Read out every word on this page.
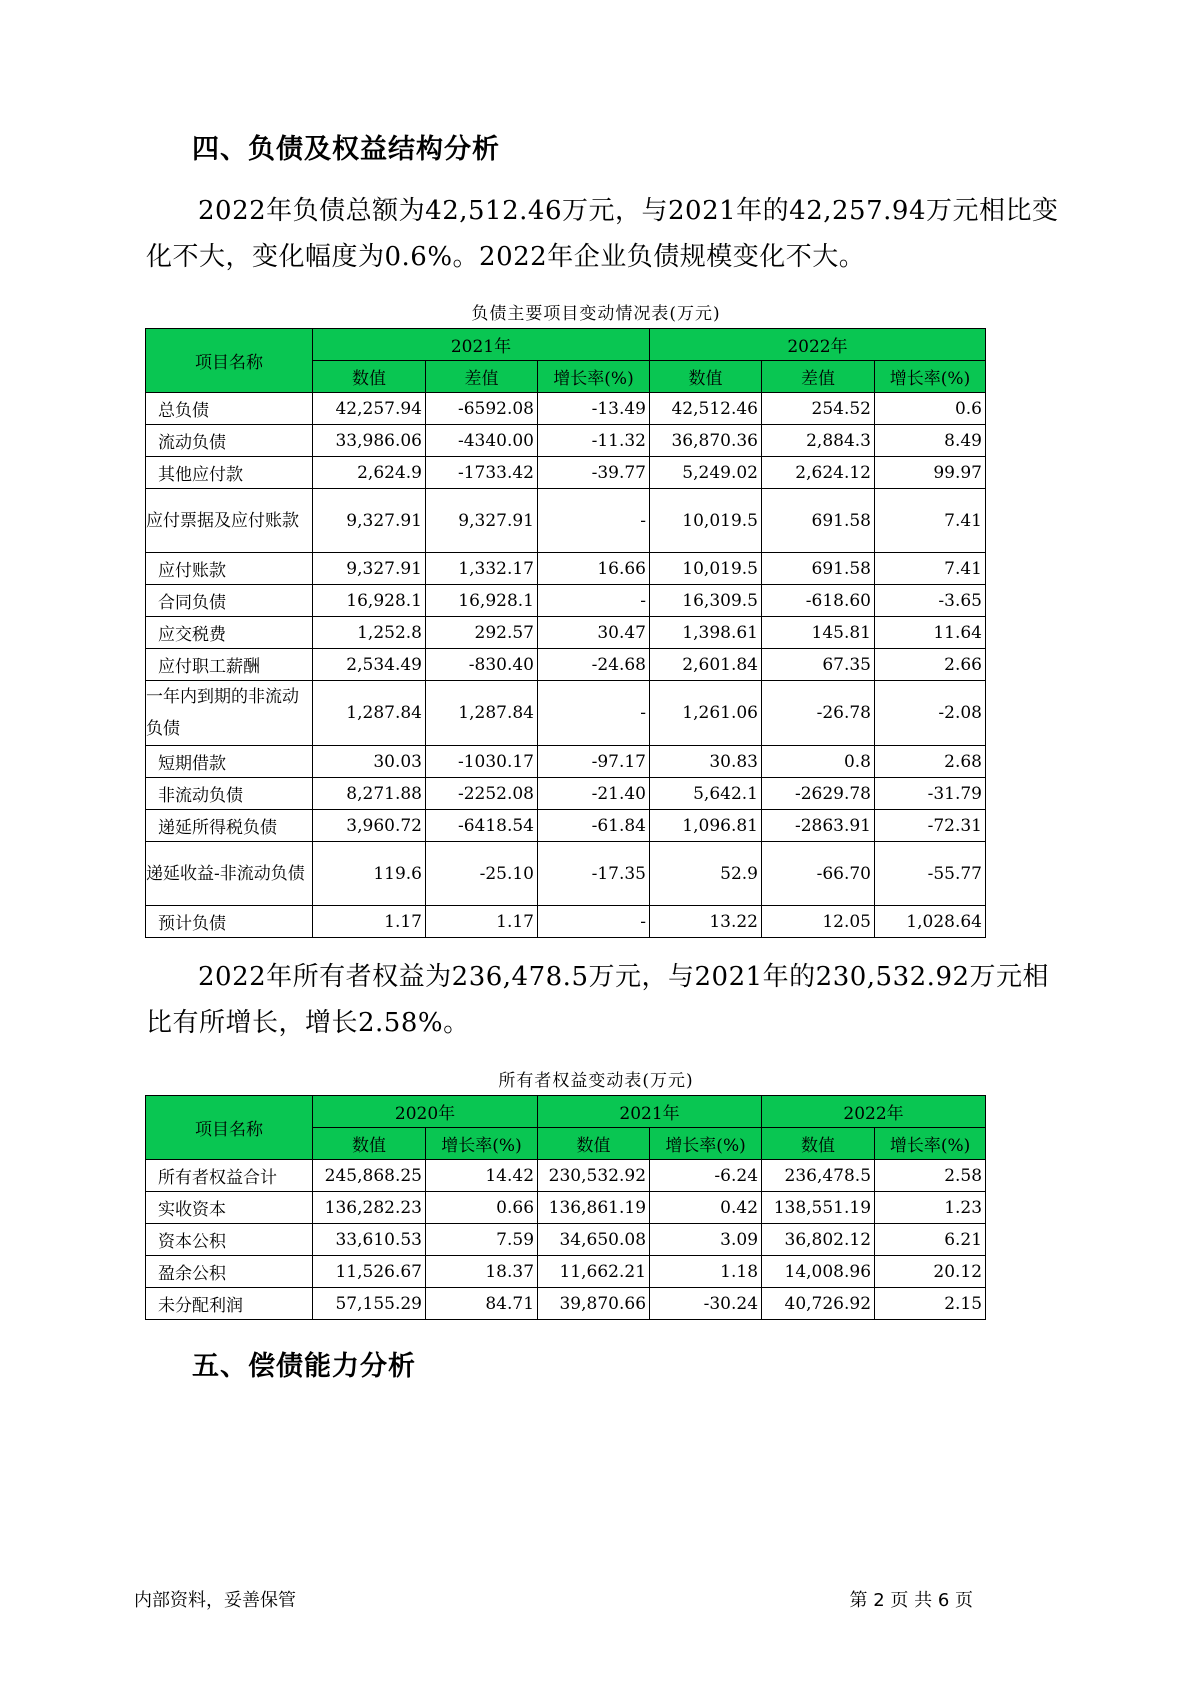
四、负债及权益结构分析

2022年负债总额为42,512.46万元，与2021年的42,257.94万元相比变化不大，变化幅度为0.6%。2022年企业负债规模变化不大。

负债主要项目变动情况表(万元)
项目名称	2021年			2022年		
	数值	差值	增长率(%)	数值	差值	增长率(%)
总负债	42,257.94	-6592.08	-13.49	42,512.46	254.52	0.6
流动负债	33,986.06	-4340.00	-11.32	36,870.36	2,884.3	8.49
其他应付款	2,624.9	-1733.42	-39.77	5,249.02	2,624.12	99.97
应付票据及应付账款	9,327.91	9,327.91	-	10,019.5	691.58	7.41
应付账款	9,327.91	1,332.17	16.66	10,019.5	691.58	7.41
合同负债	16,928.1	16,928.1	-	16,309.5	-618.60	-3.65
应交税费	1,252.8	292.57	30.47	1,398.61	145.81	11.64
应付职工薪酬	2,534.49	-830.40	-24.68	2,601.84	67.35	2.66
一年内到期的非流动负债	1,287.84	1,287.84	-	1,261.06	-26.78	-2.08
短期借款	30.03	-1030.17	-97.17	30.83	0.8	2.68
非流动负债	8,271.88	-2252.08	-21.40	5,642.1	-2629.78	-31.79
递延所得税负债	3,960.72	-6418.54	-61.84	1,096.81	-2863.91	-72.31
递延收益-非流动负债	119.6	-25.10	-17.35	52.9	-66.70	-55.77
预计负债	1.17	1.17	-	13.22	12.05	1,028.64

2022年所有者权益为236,478.5万元，与2021年的230,532.92万元相比有所增长，增长2.58%。

所有者权益变动表(万元)
项目名称	2020年		2021年		2022年	
	数值	增长率(%)	数值	增长率(%)	数值	增长率(%)
所有者权益合计	245,868.25	14.42	230,532.92	-6.24	236,478.5	2.58
实收资本	136,282.23	0.66	136,861.19	0.42	138,551.19	1.23
资本公积	33,610.53	7.59	34,650.08	3.09	36,802.12	6.21
盈余公积	11,526.67	18.37	11,662.21	1.18	14,008.96	20.12
未分配利润	57,155.29	84.71	39,870.66	-30.24	40,726.92	2.15
五、偿债能力分析
内部资料，妥善保管	第 2 页 共 6 页
